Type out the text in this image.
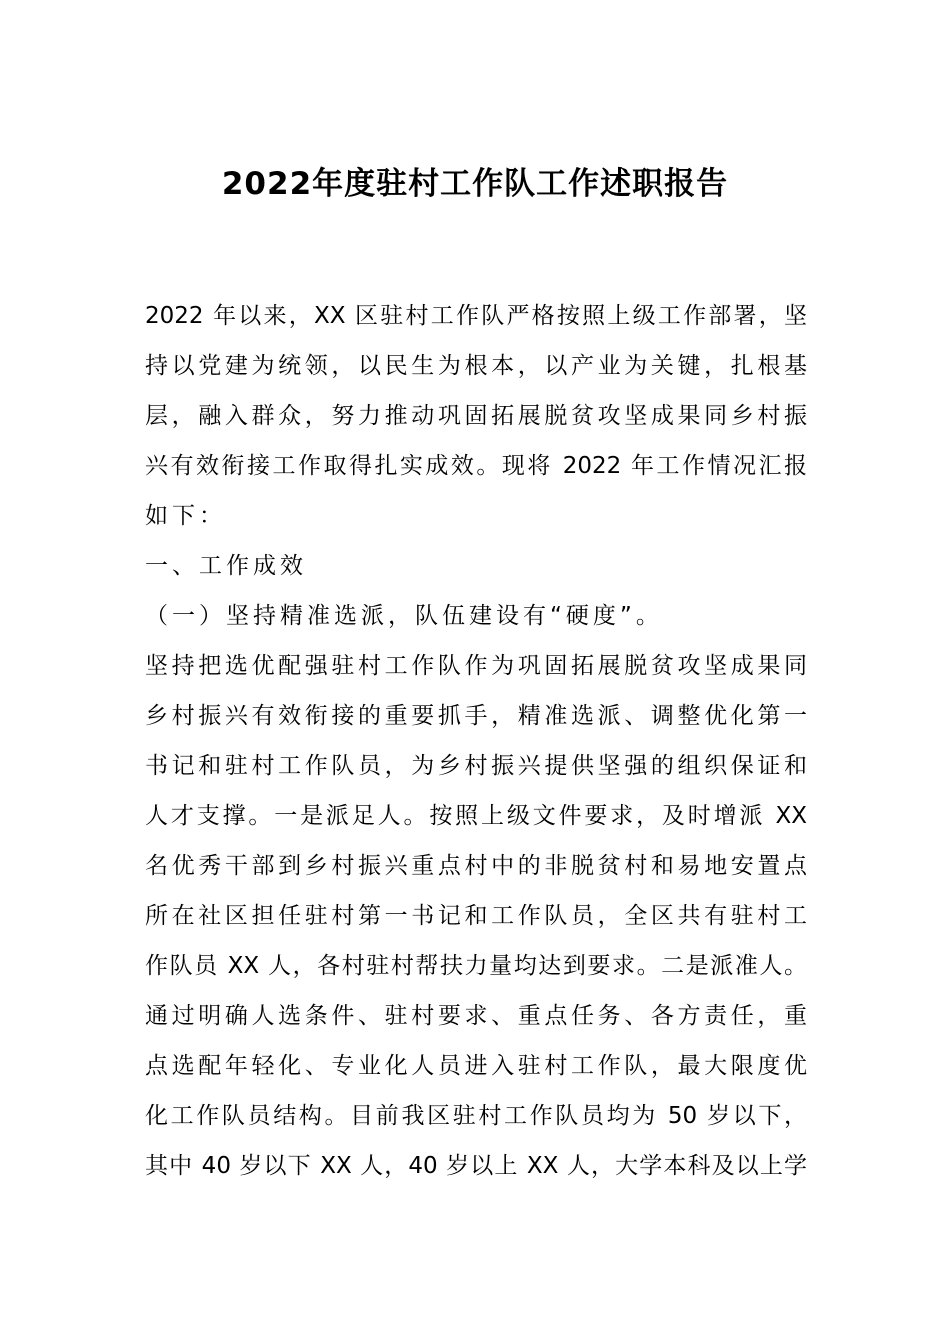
2022年度驻村工作队工作述职报告
2022 年以来，XX 区驻村工作队严格按照上级工作部署，坚
持以党建为统领，以民生为根本，以产业为关键，扎根基
层，融入群众，努力推动巩固拓展脱贫攻坚成果同乡村振
兴有效衔接工作取得扎实成效。现将 2022 年工作情况汇报
如下：
一、工作成效
（一）坚持精准选派，队伍建设有“硬度”。
坚持把选优配强驻村工作队作为巩固拓展脱贫攻坚成果同
乡村振兴有效衔接的重要抓手，精准选派、调整优化第一
书记和驻村工作队员，为乡村振兴提供坚强的组织保证和
人才支撑。一是派足人。按照上级文件要求，及时增派 XX
名优秀干部到乡村振兴重点村中的非脱贫村和易地安置点
所在社区担任驻村第一书记和工作队员，全区共有驻村工
作队员 XX 人，各村驻村帮扶力量均达到要求。二是派准人。
通过明确人选条件、驻村要求、重点任务、各方责任，重
点选配年轻化、专业化人员进入驻村工作队，最大限度优
化工作队员结构。目前我区驻村工作队员均为 50 岁以下，
其中 40 岁以下 XX 人，40 岁以上 XX 人，大学本科及以上学
